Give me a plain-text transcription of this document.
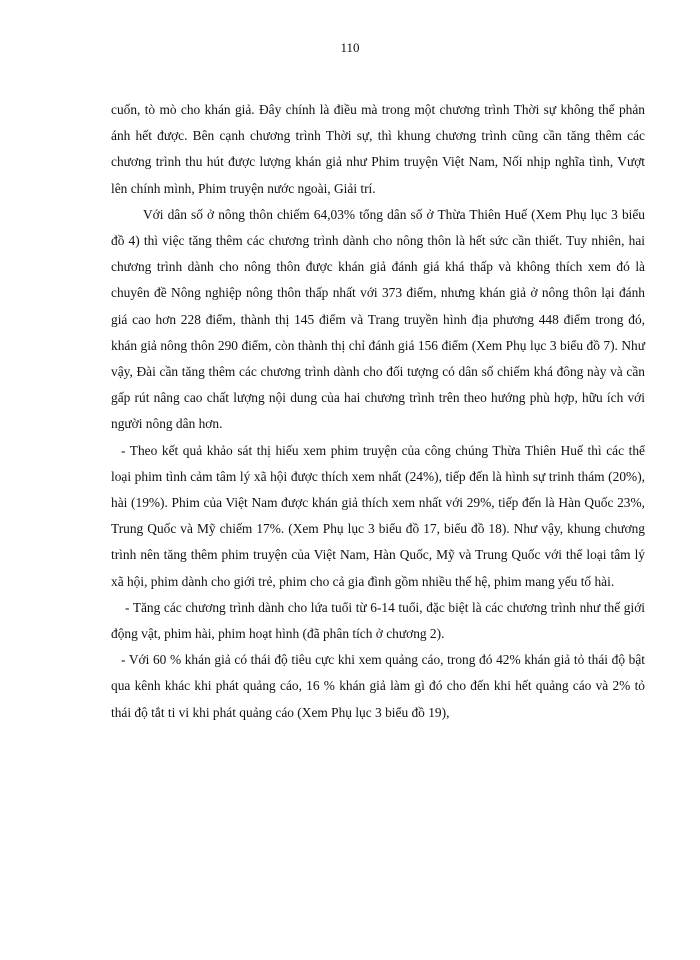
110

cuốn, tò mò cho khán giả. Đây chính là điều mà trong một chương trình Thời sự không thể phản ánh hết được. Bên cạnh chương trình Thời sự, thì khung chương trình cũng cần tăng thêm các chương trình thu hút được lượng khán giả như Phim truyện Việt Nam, Nối nhịp nghĩa tình, Vượt lên chính mình, Phim truyện nước ngoài, Giải trí.

Với dân số ở nông thôn chiếm 64,03% tổng dân số ở Thừa Thiên Huế (Xem Phụ lục 3 biểu đồ 4) thì việc tăng thêm các chương trình dành cho nông thôn là hết sức cần thiết. Tuy nhiên, hai chương trình dành cho nông thôn được khán giả đánh giá khá thấp và không thích xem đó là chuyên đề Nông nghiệp nông thôn thấp nhất với 373 điểm, nhưng khán giả ở nông thôn lại đánh giá cao hơn 228 điểm, thành thị 145 điểm và Trang truyền hình địa phương 448 điểm trong đó, khán giả nông thôn 290 điểm, còn thành thị chỉ đánh giá 156 điểm (Xem Phụ lục 3 biểu đồ 7). Như vậy, Đài cần tăng thêm các chương trình dành cho đối tượng có dân số chiếm khá đông này và cần gấp rút nâng cao chất lượng nội dung của hai chương trình trên theo hướng phù hợp, hữu ích với người nông dân hơn.

- Theo kết quả khảo sát thị hiếu xem phim truyện của công chúng Thừa Thiên Huế thì các thể loại phim tình cảm tâm lý xã hội được thích xem nhất (24%), tiếp đến là hình sự trinh thám (20%), hài (19%). Phim của Việt Nam được khán giả thích xem nhất với 29%, tiếp đến là Hàn Quốc 23%, Trung Quốc và Mỹ chiếm 17%. (Xem Phụ lục 3 biểu đồ 17, biểu đồ 18). Như vậy, khung chương trình nên tăng thêm phim truyện của Việt Nam, Hàn Quốc, Mỹ và Trung Quốc với thể loại tâm lý xã hội, phim dành cho giới trẻ, phim cho cả gia đình gồm nhiều thế hệ, phim mang yếu tố hài.

- Tăng các chương trình dành cho lứa tuổi từ 6-14 tuổi, đặc biệt là các chương trình như thế giới động vật, phim hài, phim hoạt hình (đã phân tích ở chương 2).

- Với 60 % khán giả có thái độ tiêu cực khi xem quảng cáo, trong đó 42% khán giả tỏ thái độ bật qua kênh khác khi phát quảng cáo, 16 % khán giả làm gì đó cho đến khi hết quảng cáo và 2% tỏ thái độ tắt ti vi khi phát quảng cáo (Xem Phụ lục 3 biểu đồ 19),
